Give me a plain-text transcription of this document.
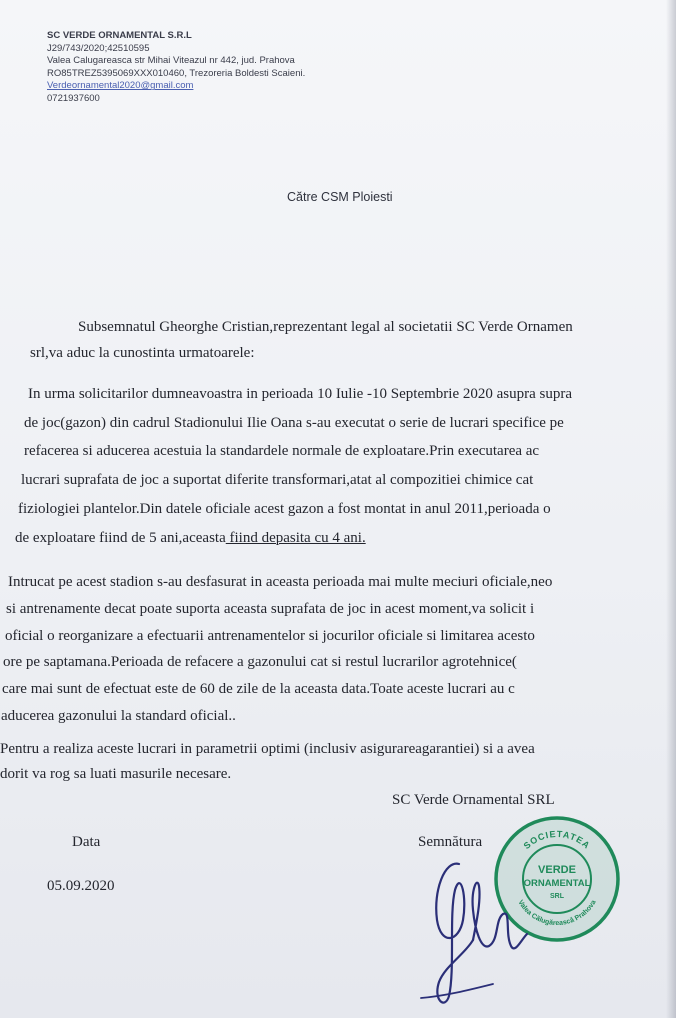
SC VERDE ORNAMENTAL S.R.L
J29/743/2020;42510595
Valea Calugareasca str Mihai Viteazul nr 442, jud. Prahova
RO85TREZ5395069XXX010460, Trezoreria Boldesti Scaieni.
Verdeornamental2020@gmail.com
0721937600
Către CSM Ploiesti
Subsemnatul Gheorghe Cristian,reprezentant legal al societatii SC Verde Ornamen
srl,va aduc la cunostinta urmatoarele:
In urma solicitarilor dumneavoastra in perioada 10 Iulie -10 Septembrie 2020 asupra supra
de joc(gazon) din cadrul Stadionului Ilie Oana s-au executat o serie de lucrari specifice pe
refacerea si aducerea acestuia la standardele normale de exploatare.Prin executarea ac
lucrari suprafata de joc a suportat diferite transformari,atat al compozitiei chimice cat
fiziologiei plantelor.Din datele oficiale acest gazon a fost montat in anul 2011,perioada o
de exploatare fiind de 5 ani,aceasta fiind depasita cu 4 ani.
Intrucat pe acest stadion s-au desfasurat in aceasta perioada mai multe meciuri oficiale,neo
si antrenamente decat poate suporta aceasta suprafata de joc in acest moment,va solicit i
oficial o reorganizare a efectuarii antrenamentelor si jocurilor oficiale si limitarea acesto
ore pe saptamana.Perioada de refacere a gazonului cat si restul lucrarilor agrotehnice(
care mai sunt de efectuat este de 60 de zile de la aceasta data.Toate aceste lucrari au c
aducerea gazonului la standard oficial..
Pentru a realiza aceste lucrari in parametrii optimi (inclusiv asigurareagarantiei) si a avea
dorit va rog sa luati masurile necesare.
SC Verde Ornamental SRL
Data
05.09.2020
Semnătura	SOCIETATEA
Valea Călugărească Prahova
VERDE
ORNAMENTAL
SRL
